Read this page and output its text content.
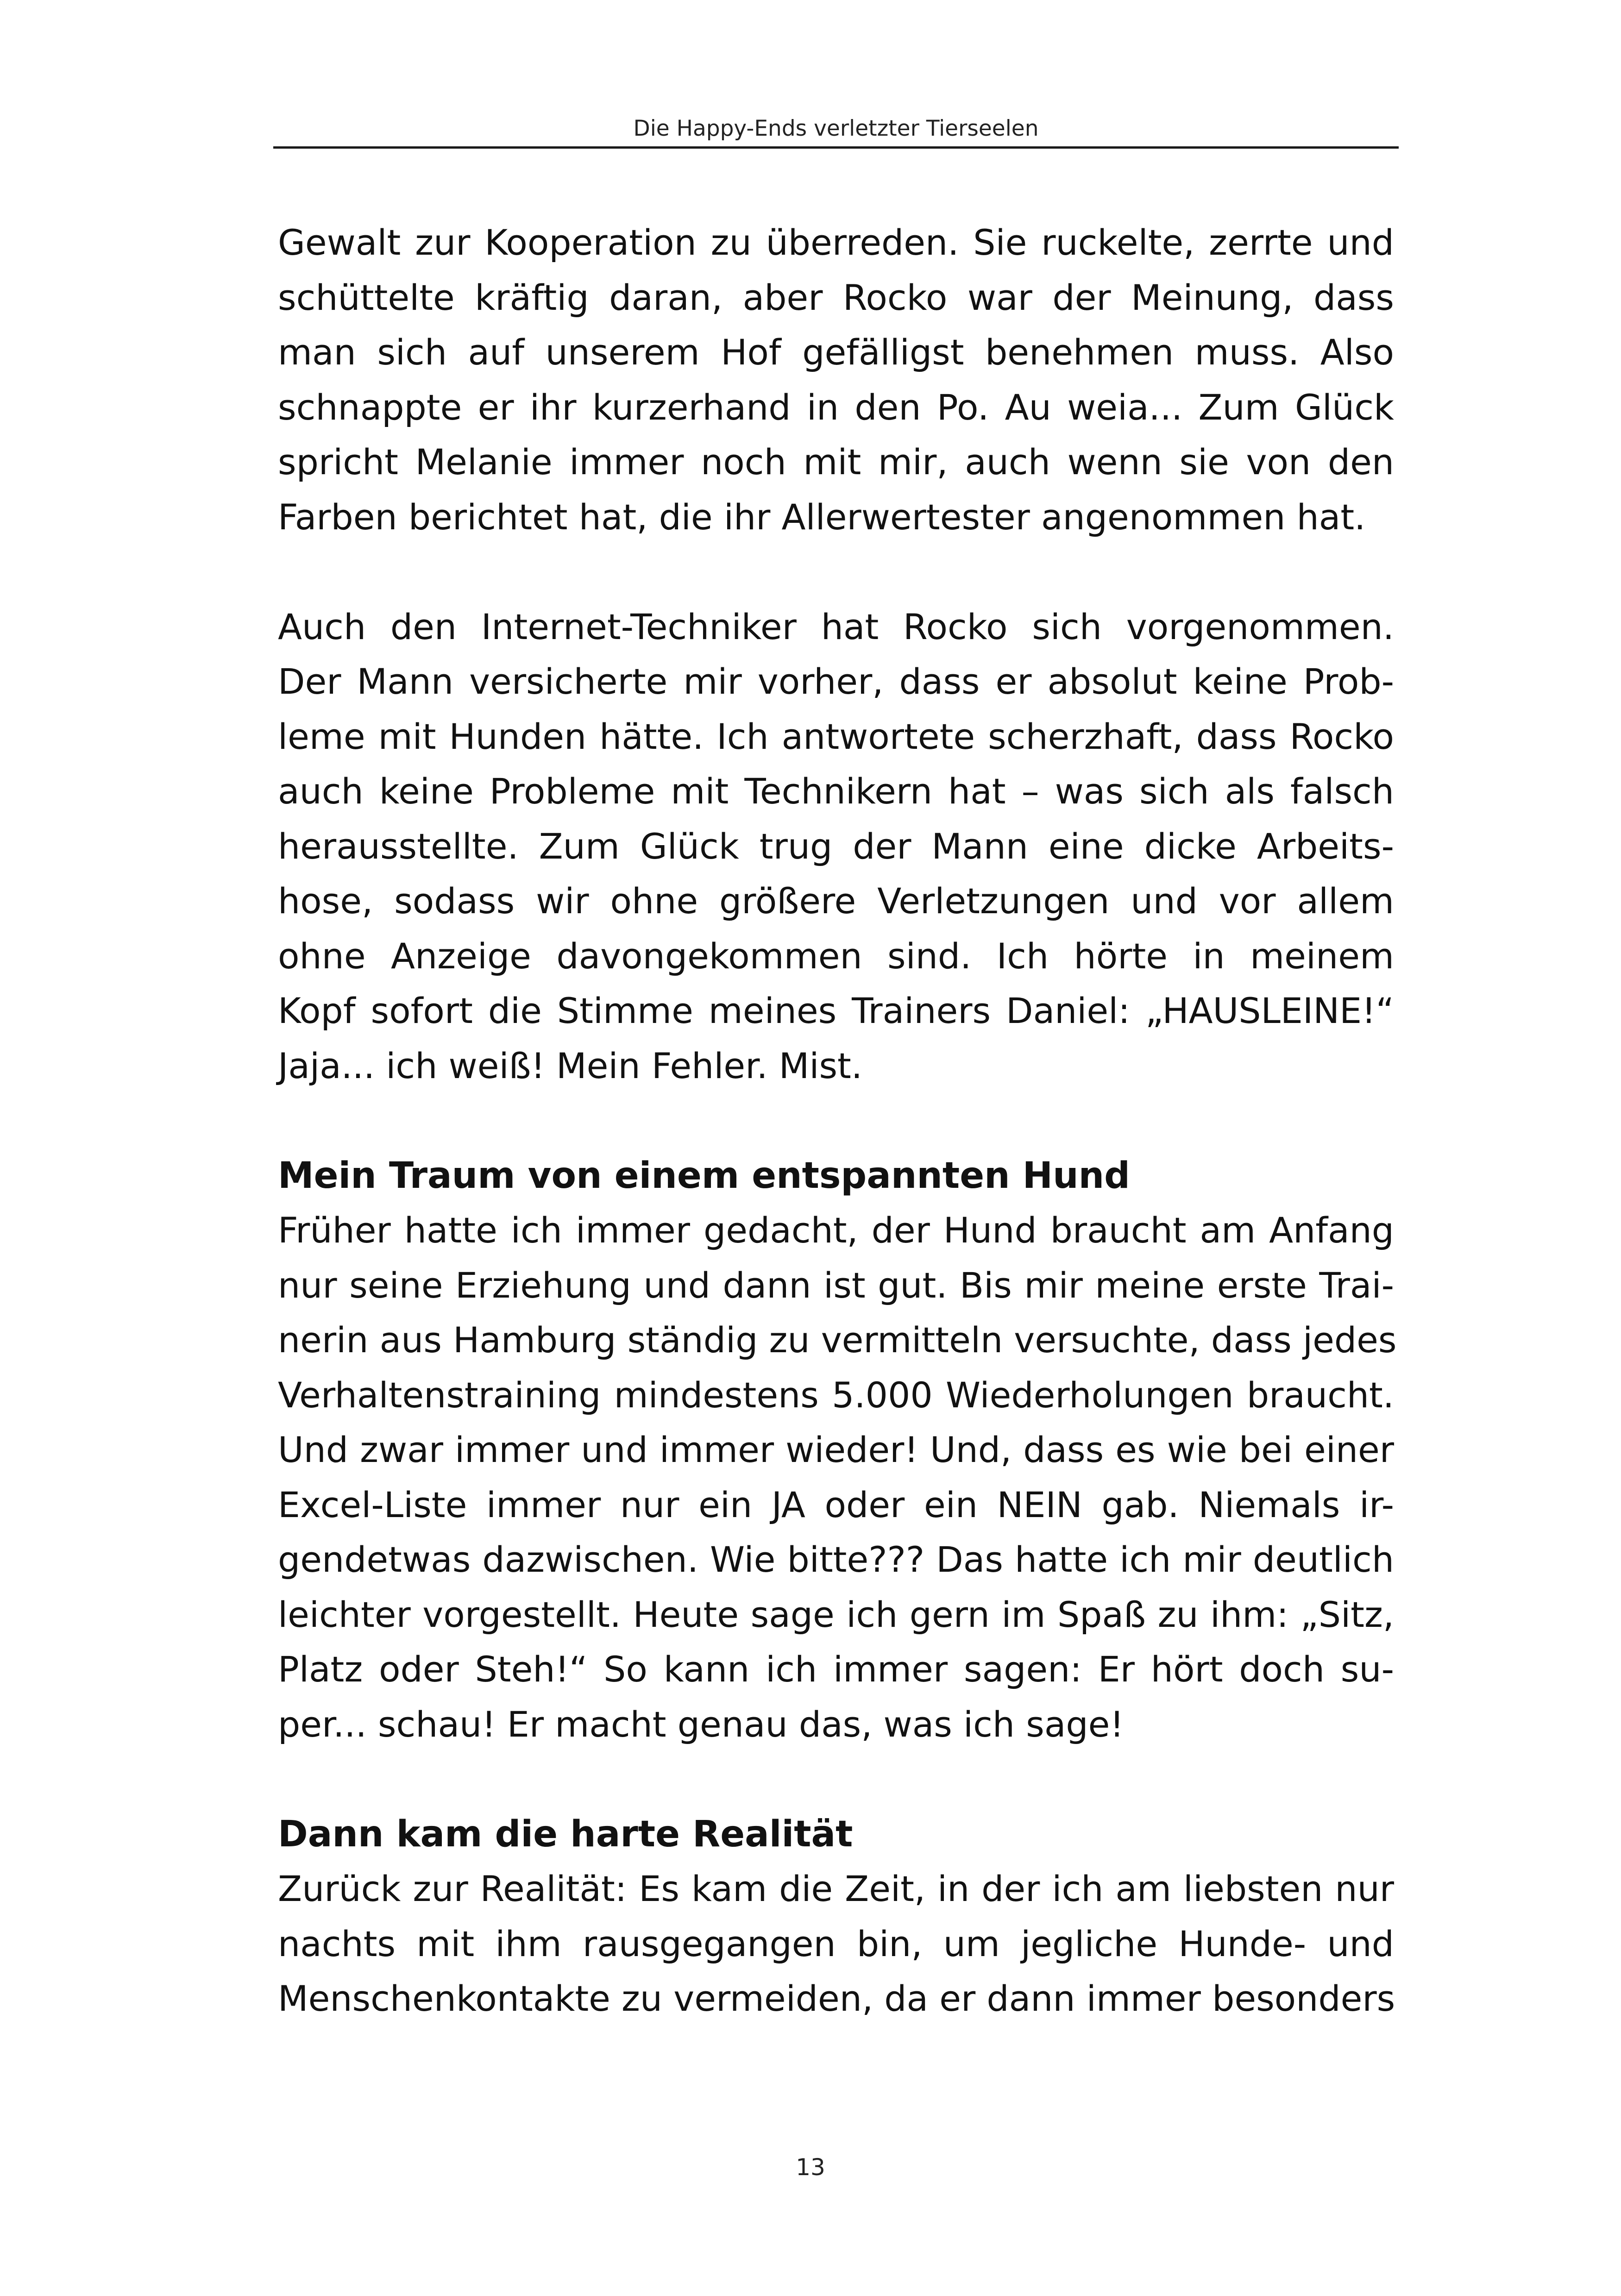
Die Happy-Ends verletzter Tierseelen
Gewalt zur Kooperation zu überreden. Sie ruckelte, zerrte und
schüttelte kräftig daran, aber Rocko war der Meinung, dass
man sich auf unserem Hof gefälligst benehmen muss. Also
schnappte er ihr kurzerhand in den Po. Au weia... Zum Glück
spricht Melanie immer noch mit mir, auch wenn sie von den
Farben berichtet hat, die ihr Allerwertester angenommen hat.
Auch den Internet-Techniker hat Rocko sich vorgenommen.
Der Mann versicherte mir vorher, dass er absolut keine Prob-
leme mit Hunden hätte. Ich antwortete scherzhaft, dass Rocko
auch keine Probleme mit Technikern hat – was sich als falsch
herausstellte. Zum Glück trug der Mann eine dicke Arbeits-
hose, sodass wir ohne größere Verletzungen und vor allem
ohne Anzeige davongekommen sind. Ich hörte in meinem
Kopf sofort die Stimme meines Trainers Daniel: „HAUSLEINE!“
Jaja... ich weiß! Mein Fehler. Mist.
Mein Traum von einem entspannten Hund
Früher hatte ich immer gedacht, der Hund braucht am Anfang
nur seine Erziehung und dann ist gut. Bis mir meine erste Trai-
nerin aus Hamburg ständig zu vermitteln versuchte, dass jedes
Verhaltenstraining mindestens 5.000 Wiederholungen braucht.
Und zwar immer und immer wieder! Und, dass es wie bei einer
Excel-Liste immer nur ein JA oder ein NEIN gab. Niemals ir-
gendetwas dazwischen. Wie bitte??? Das hatte ich mir deutlich
leichter vorgestellt. Heute sage ich gern im Spaß zu ihm: „Sitz,
Platz oder Steh!“ So kann ich immer sagen: Er hört doch su-
per... schau! Er macht genau das, was ich sage!
Dann kam die harte Realität
Zurück zur Realität: Es kam die Zeit, in der ich am liebsten nur
nachts mit ihm rausgegangen bin, um jegliche Hunde- und
Menschenkontakte zu vermeiden, da er dann immer besonders
13
